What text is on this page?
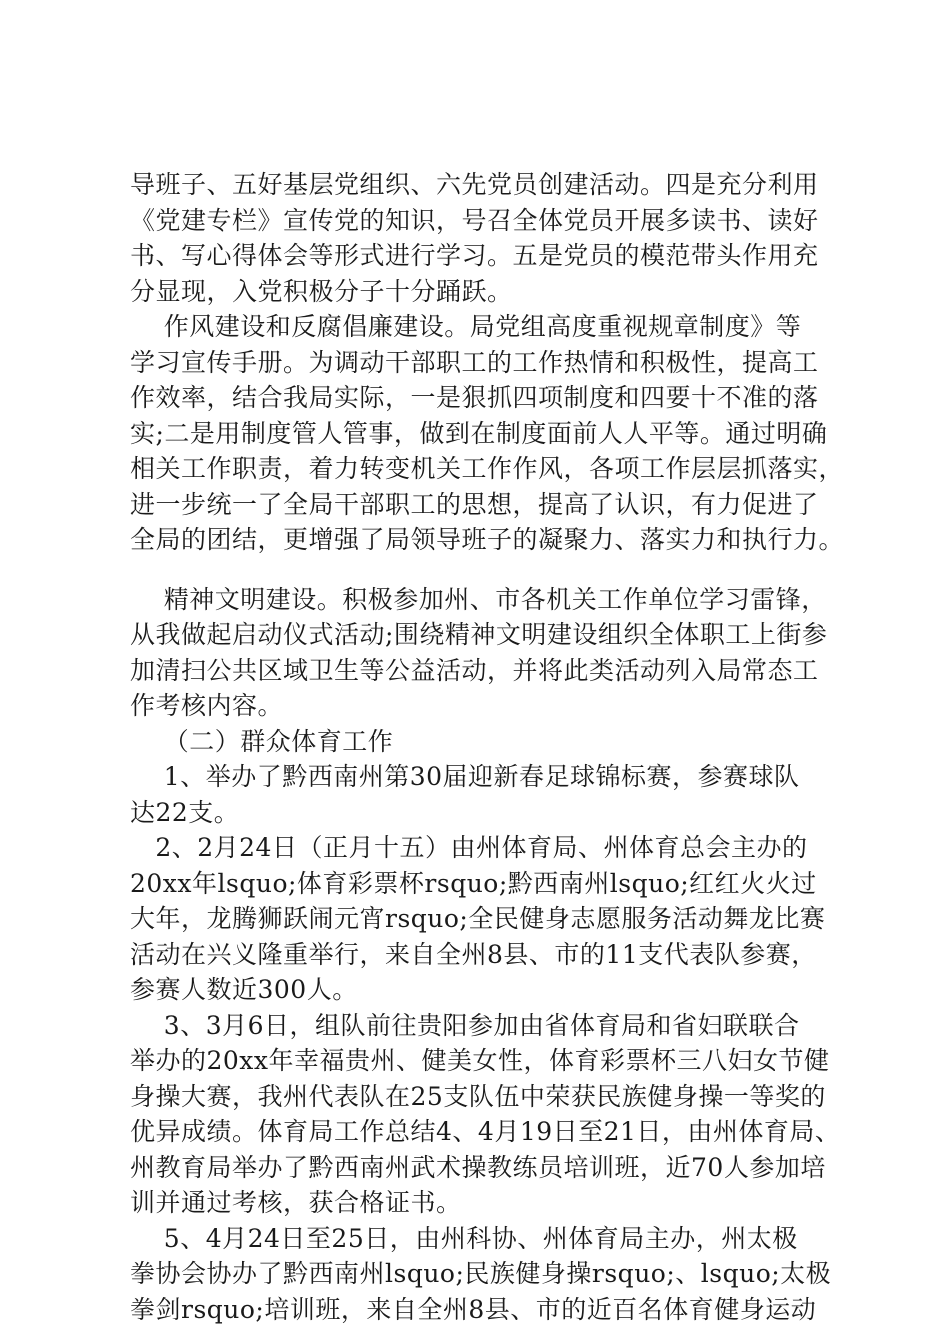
导班子、五好基层党组织、六先党员创建活动。四是充分利用
《党建专栏》宣传党的知识，号召全体党员开展多读书、读好
书、写心得体会等形式进行学习。五是党员的模范带头作用充
分显现，入党积极分子十分踊跃。
作风建设和反腐倡廉建设。局党组高度重视规章制度》等
学习宣传手册。为调动干部职工的工作热情和积极性，提高工
作效率，结合我局实际，一是狠抓四项制度和四要十不准的落
实;二是用制度管人管事，做到在制度面前人人平等。通过明确
相关工作职责，着力转变机关工作作风，各项工作层层抓落实，
进一步统一了全局干部职工的思想，提高了认识，有力促进了
全局的团结，更增强了局领导班子的凝聚力、落实力和执行力。
精神文明建设。积极参加州、市各机关工作单位学习雷锋，
从我做起启动仪式活动;围绕精神文明建设组织全体职工上街参
加清扫公共区域卫生等公益活动，并将此类活动列入局常态工
作考核内容。
（二）群众体育工作
1、举办了黔西南州第30届迎新春足球锦标赛，参赛球队
达22支。
2、2月24日（正月十五）由州体育局、州体育总会主办的
20xx年lsquo;体育彩票杯rsquo;黔西南州lsquo;红红火火过
大年，龙腾狮跃闹元宵rsquo;全民健身志愿服务活动舞龙比赛
活动在兴义隆重举行，来自全州8县、市的11支代表队参赛，
参赛人数近300人。
3、3月6日，组队前往贵阳参加由省体育局和省妇联联合
举办的20xx年幸福贵州、健美女性，体育彩票杯三八妇女节健
身操大赛，我州代表队在25支队伍中荣获民族健身操一等奖的
优异成绩。体育局工作总结4、4月19日至21日，由州体育局、
州教育局举办了黔西南州武术操教练员培训班，近70人参加培
训并通过考核，获合格证书。
5、4月24日至25日，由州科协、州体育局主办，州太极
拳协会协办了黔西南州lsquo;民族健身操rsquo;、lsquo;太极
拳剑rsquo;培训班，来自全州8县、市的近百名体育健身运动
